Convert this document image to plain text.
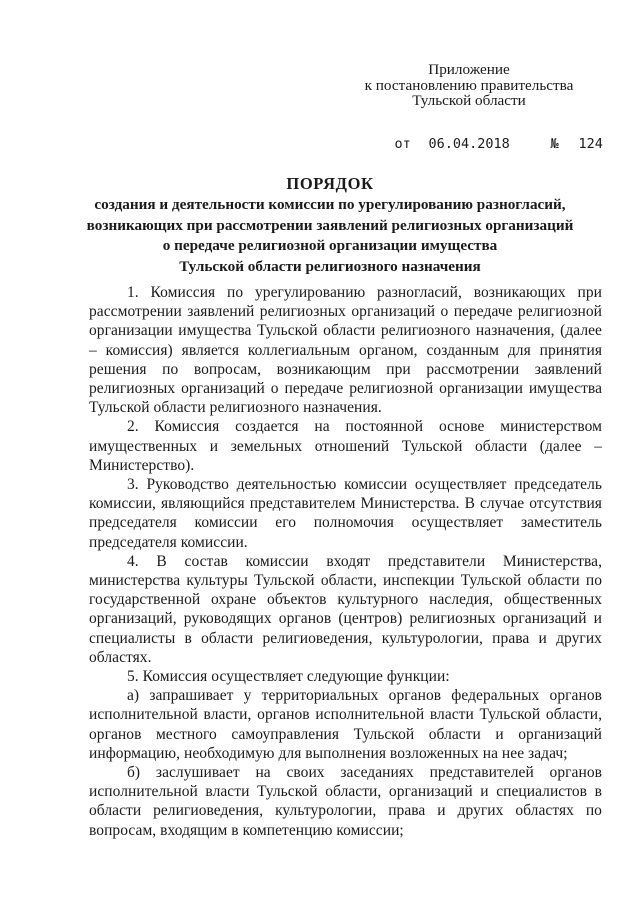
Приложение
к постановлению правительства
Тульской области

от 06.04.2018	№ 124

ПОРЯДОК
создания и деятельности комиссии по урегулированию разногласий,
возникающих при рассмотрении заявлений религиозных организаций
о передаче религиозной организации имущества
Тульской области религиозного назначения

1. Комиссия по урегулированию разногласий, возникающих при рассмотрении заявлений религиозных организаций о передаче религиозной организации имущества Тульской области религиозного назначения, (далее – комиссия) является коллегиальным органом, созданным для принятия решения по вопросам, возникающим при рассмотрении заявлений религиозных организаций о передаче религиозной организации имущества Тульской области религиозного назначения.

2. Комиссия создается на постоянной основе министерством имущественных и земельных отношений Тульской области (далее – Министерство).

3. Руководство деятельностью комиссии осуществляет председатель комиссии, являющийся представителем Министерства. В случае отсутствия председателя комиссии его полномочия осуществляет заместитель председателя комиссии.

4. В состав комиссии входят представители Министерства, министерства культуры Тульской области, инспекции Тульской области по государственной охране объектов культурного наследия, общественных организаций, руководящих органов (центров) религиозных организаций и специалисты в области религиоведения, культурологии, права и других областях.

5. Комиссия осуществляет следующие функции:

а) запрашивает у территориальных органов федеральных органов исполнительной власти, органов исполнительной власти Тульской области, органов местного самоуправления Тульской области и организаций информацию, необходимую для выполнения возложенных на нее задач;

б) заслушивает на своих заседаниях представителей органов исполнительной власти Тульской области, организаций и специалистов в области религиоведения, культурологии, права и других областях по вопросам, входящим в компетенцию комиссии;
